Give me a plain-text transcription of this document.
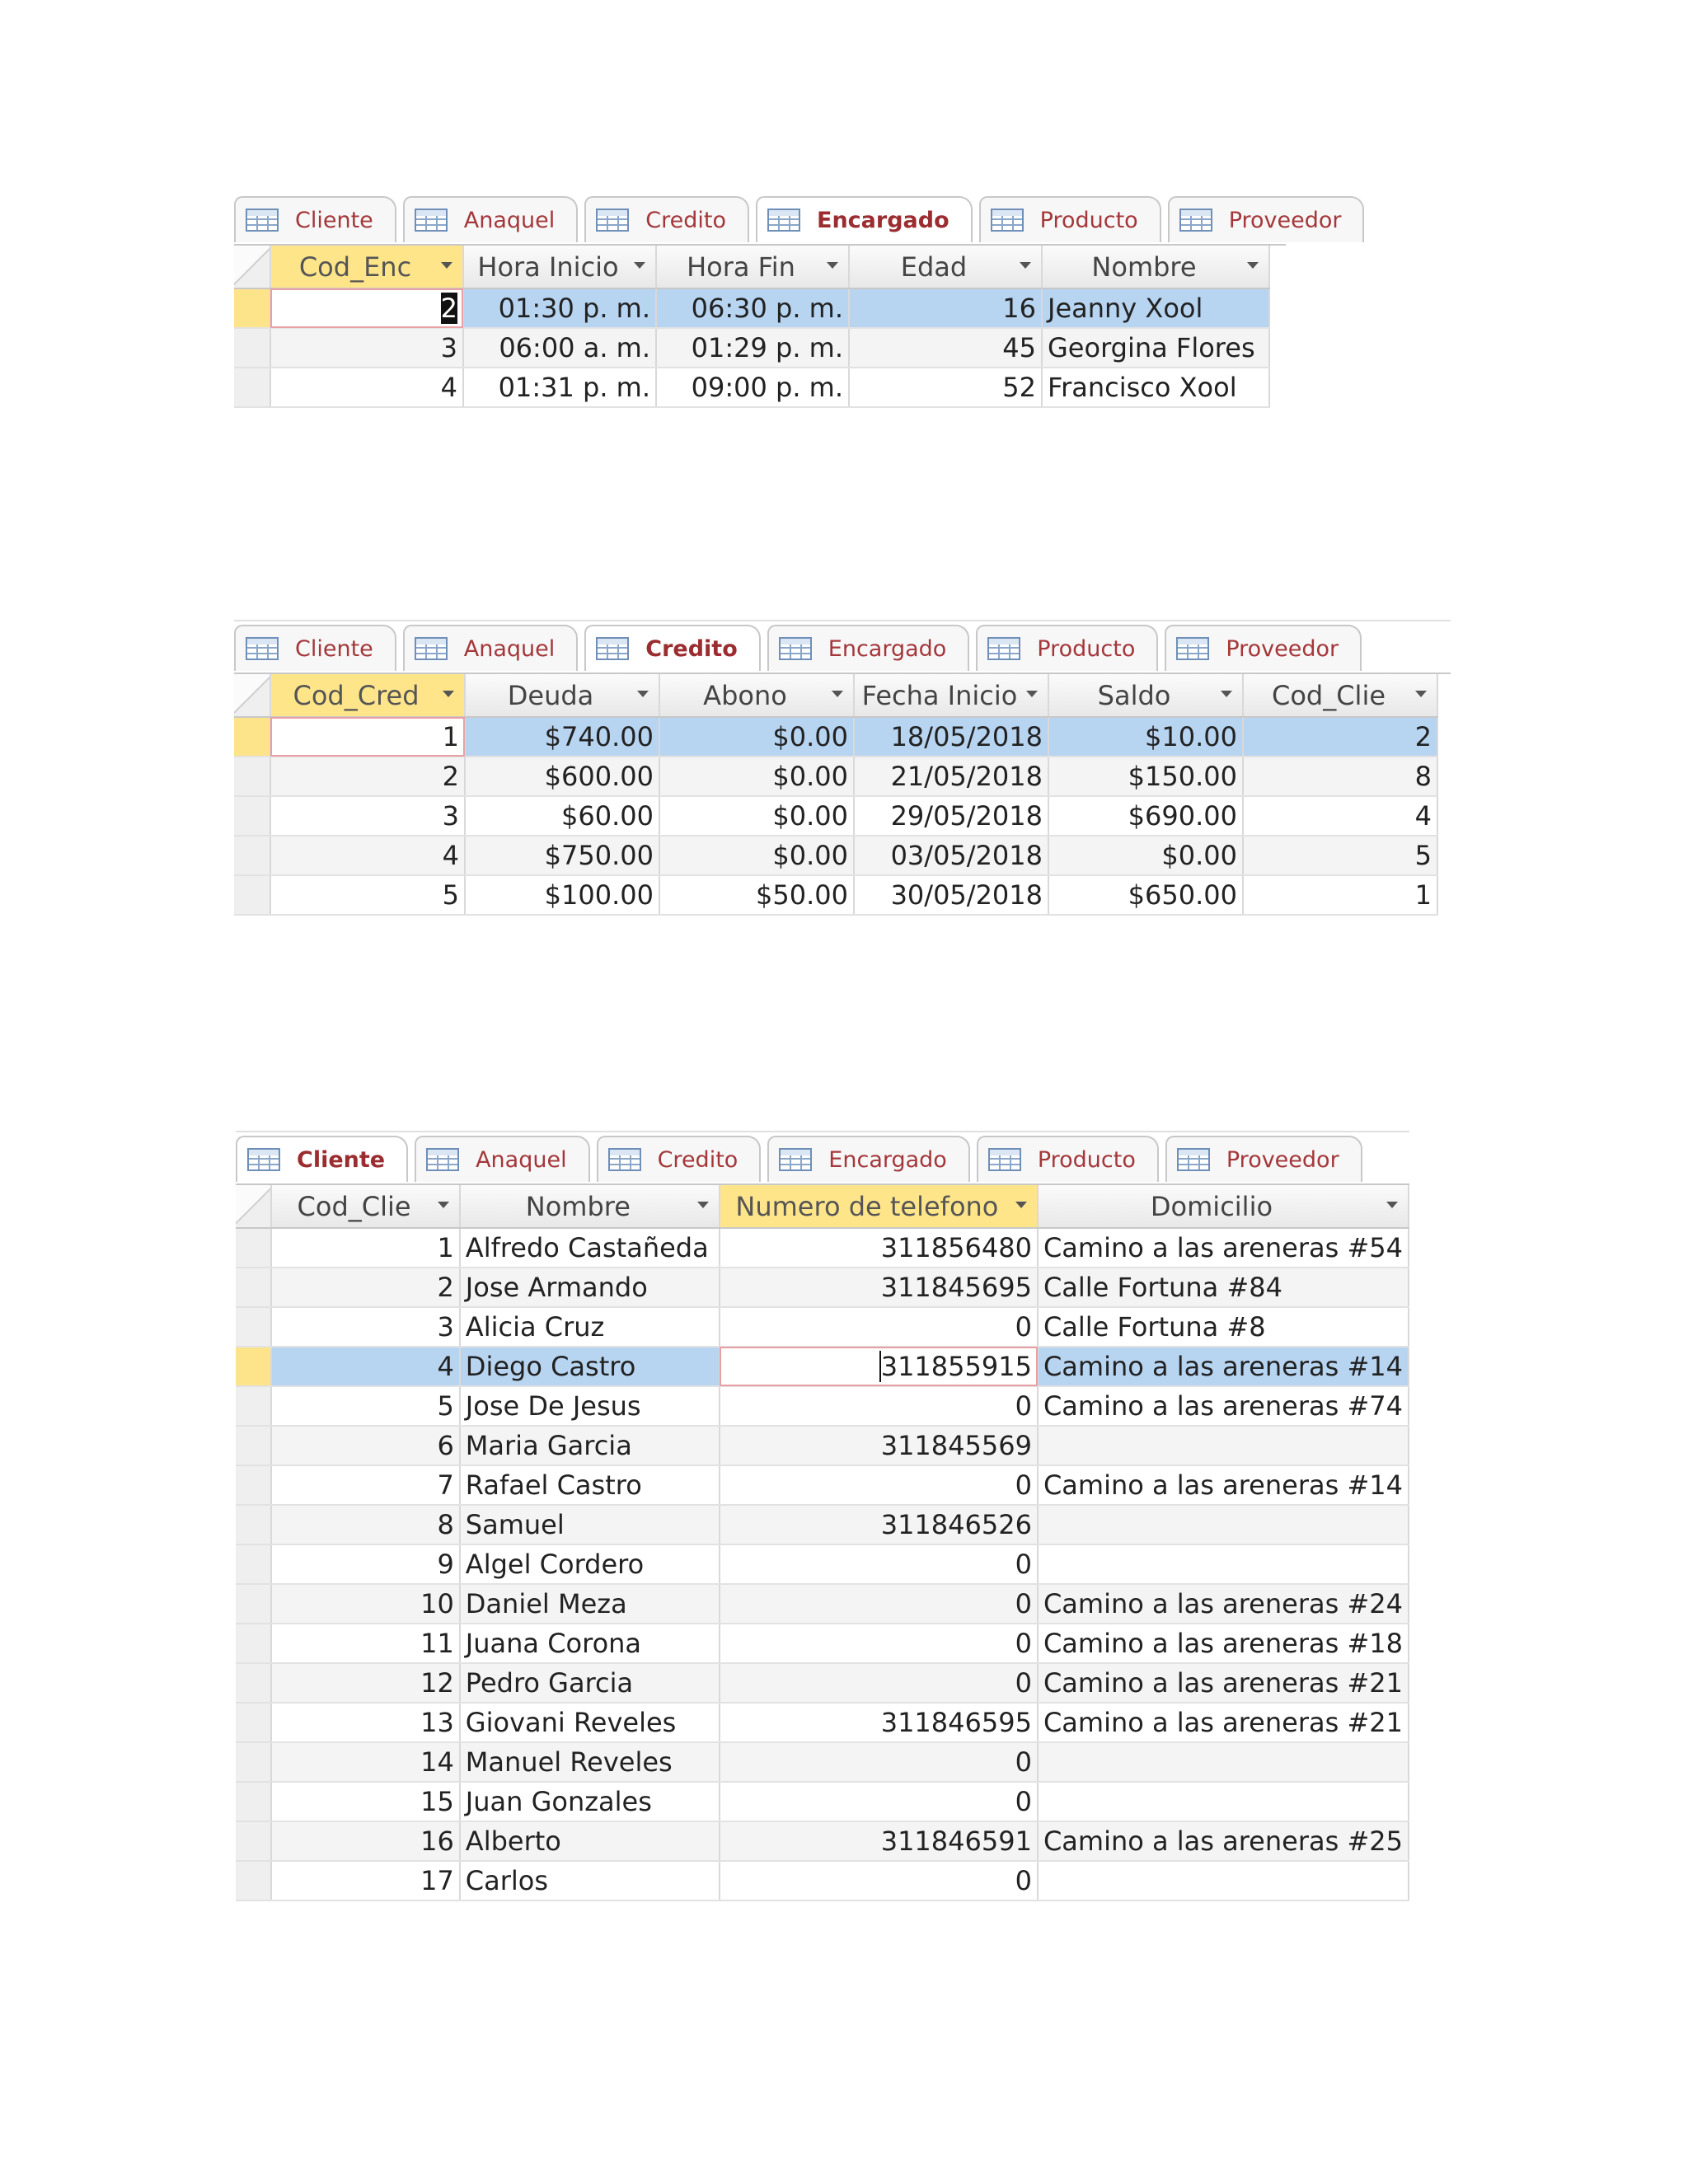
Cliente	Anaquel	Credito	Encargado	Producto	Proveedor
	Cod_Enc	Hora Inicio	Hora Fin	Edad	Nombre

	2	01:30 p. m.	06:30 p. m.	16	Jeanny Xool
	3	06:00 a. m.	01:29 p. m.	45	Georgina Flores
	4	01:31 p. m.	09:00 p. m.	52	Francisco Xool
Cliente	Anaquel	Credito	Encargado	Producto	Proveedor
	Cod_Cred	Deuda	Abono	Fecha Inicio	Saldo	Cod_Clie

	1	$740.00	$0.00	18/05/2018	$10.00	2
	2	$600.00	$0.00	21/05/2018	$150.00	8
	3	$60.00	$0.00	29/05/2018	$690.00	4
	4	$750.00	$0.00	03/05/2018	$0.00	5
	5	$100.00	$50.00	30/05/2018	$650.00	1
Cliente	Anaquel	Credito	Encargado	Producto	Proveedor
	Cod_Clie	Nombre	Numero de telefono	Domicilio

	1	Alfredo Castañeda	311856480	Camino a las areneras #54
	2	Jose Armando	311845695	Calle Fortuna #84
	3	Alicia Cruz	0	Calle Fortuna #8
	4	Diego Castro	311855915	Camino a las areneras #14
	5	Jose De Jesus	0	Camino a las areneras #74
	6	Maria Garcia	311845569	
	7	Rafael Castro	0	Camino a las areneras #14
	8	Samuel	311846526	
	9	Algel Cordero	0	
	10	Daniel Meza	0	Camino a las areneras #24
	11	Juana Corona	0	Camino a las areneras #18
	12	Pedro Garcia	0	Camino a las areneras #21
	13	Giovani Reveles	311846595	Camino a las areneras #21
	14	Manuel Reveles	0	
	15	Juan Gonzales	0	
	16	Alberto	311846591	Camino a las areneras #25
	17	Carlos	0	
